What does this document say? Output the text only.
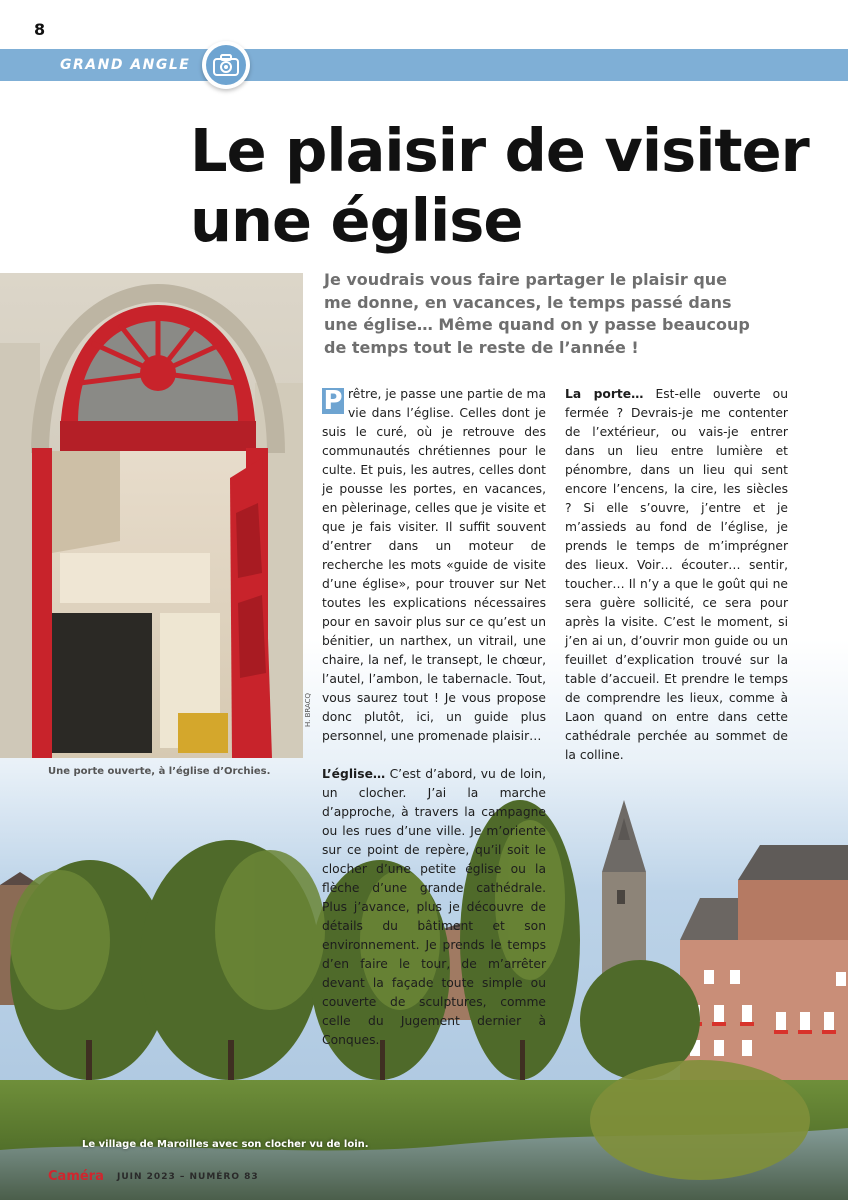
8
GRAND ANGLE
Le plaisir de visiter
une église
H. BRACQ
Une porte ouverte, à l’église d’Orchies.

Je voudrais vous faire partager le plaisir que me donne, en vacances, le temps passé dans une église… Même quand on y passe beaucoup de temps tout le reste de l’année !

P rêtre, je passe une partie de ma vie dans l’église. Celles dont je suis le curé, où je retrouve des communautés chrétiennes pour le culte. Et puis, les autres, celles dont je pousse les portes, en vacances, en pèlerinage, celles que je visite et que je fais visiter. Il suffit souvent d’entrer dans un moteur de recherche les mots «guide de visite d’une église», pour trouver sur Net toutes les explications nécessaires pour en savoir plus sur ce qu’est un bénitier, un narthex, un vitrail, une chaire, la nef, le transept, le chœur, l’autel, l’ambon, le tabernacle. Tout, vous saurez tout ! Je vous propose donc plutôt, ici, un guide plus personnel, une promenade plaisir…

L’église… C’est d’abord, vu de loin, un clocher. J’ai la marche d’approche, à travers la campagne ou les rues d’une ville. Je m’oriente sur ce point de repère, qu’il soit le clocher d’une petite église ou la flèche d’une grande cathédrale. Plus j’avance, plus je découvre de détails du bâtiment et son environnement. Je prends le temps d’en faire le tour, de m’arrêter devant la façade toute simple ou couverte de sculptures, comme celle du Jugement dernier à Conques.

La porte… Est-elle ouverte ou fermée ? Devrais-je me contenter de l’extérieur, ou vais-je entrer dans un lieu entre lumière et pénombre, dans un lieu qui sent encore l’encens, la cire, les siècles ? Si elle s’ouvre, j’entre et je m’assieds au fond de l’église, je prends le temps de m’imprégner des lieux. Voir… écouter… sentir, toucher… Il n’y a que le goût qui ne sera guère sollicité, ce sera pour après la visite. C’est le moment, si j’en ai un, d’ouvrir mon guide ou un feuillet d’explication trouvé sur la table d’accueil. Et prendre le temps de comprendre les lieux, comme à Laon quand on entre dans cette cathédrale perchée au sommet de la colline.

Le village de Maroilles avec son clocher vu de loin.
Caméra JUIN 2023 – NUMÉRO 83
